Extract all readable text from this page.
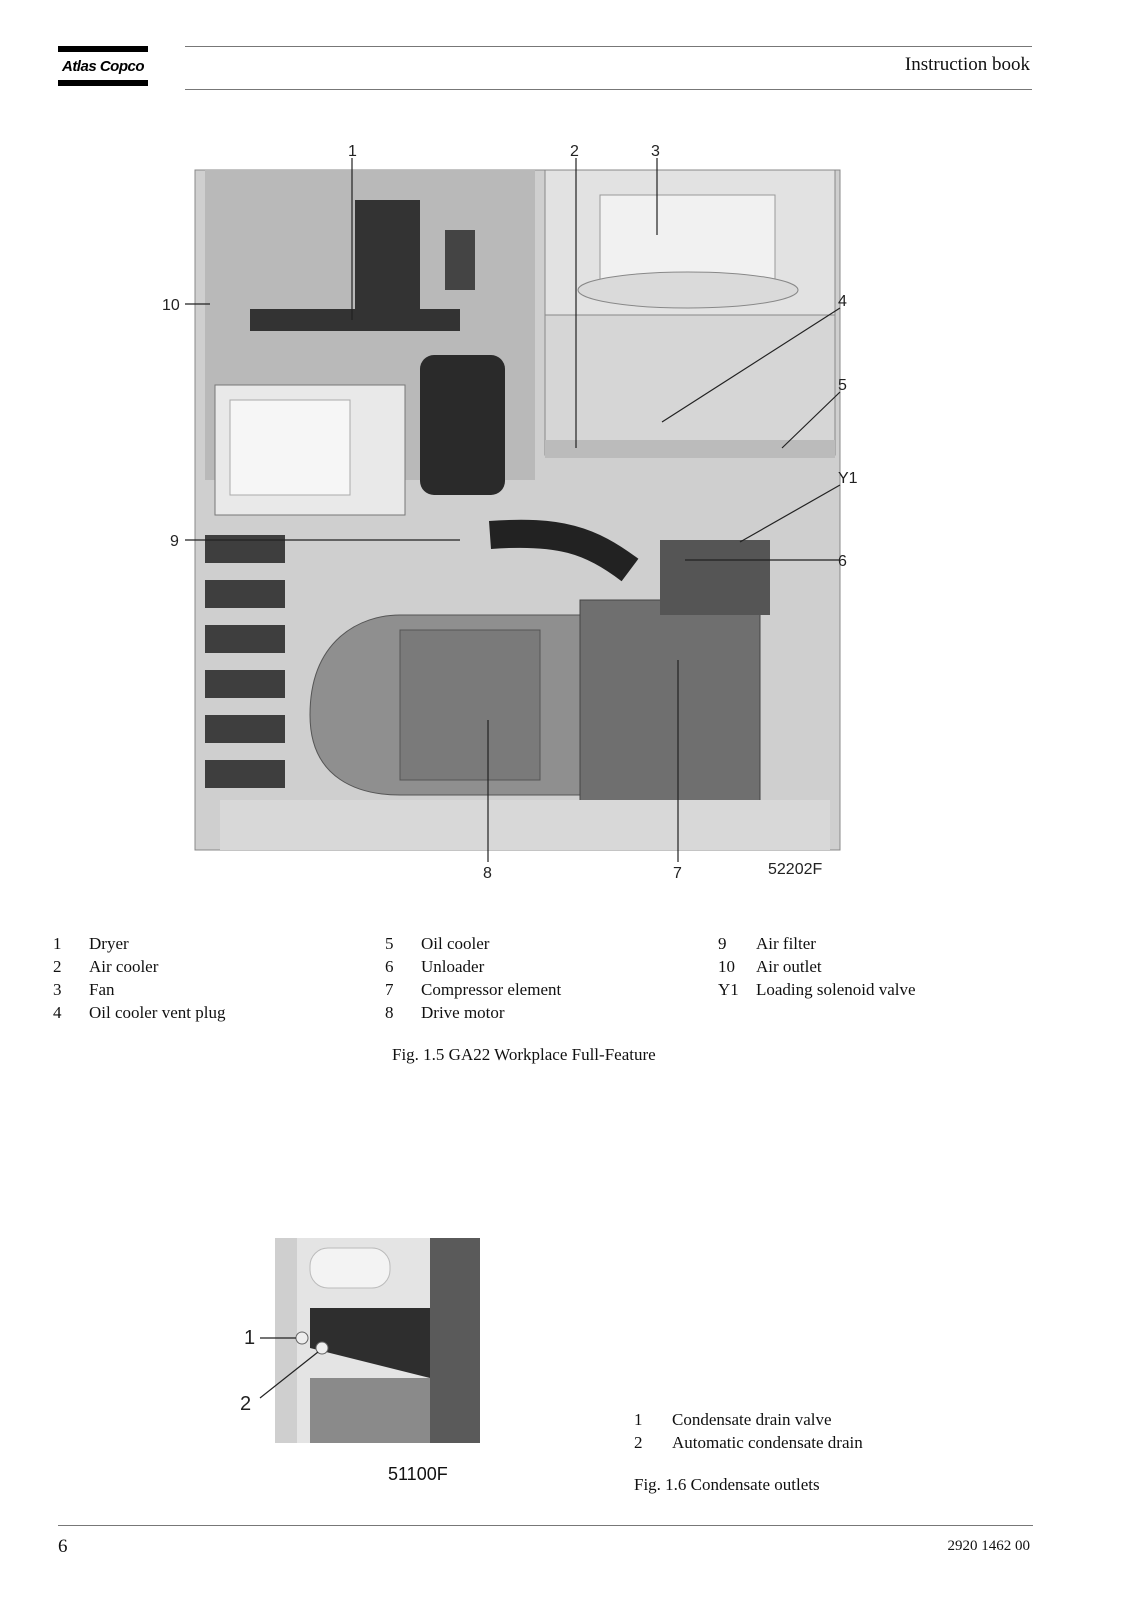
Atlas Copco	Instruction book
1	2	3
4
5
6
7
8
9
10
Y1
52202F
1 Dryer
2 Air cooler
3 Fan
4 Oil cooler vent plug
5 Oil cooler
6 Unloader
7 Compressor element
8 Drive motor
9 Air filter
10 Air outlet
Y1 Loading solenoid valve
Fig. 1.5 GA22 Workplace Full-Feature
1
2
51100F
1 Condensate drain valve
2 Automatic condensate drain
Fig. 1.6 Condensate outlets
6	2920 1462 00
